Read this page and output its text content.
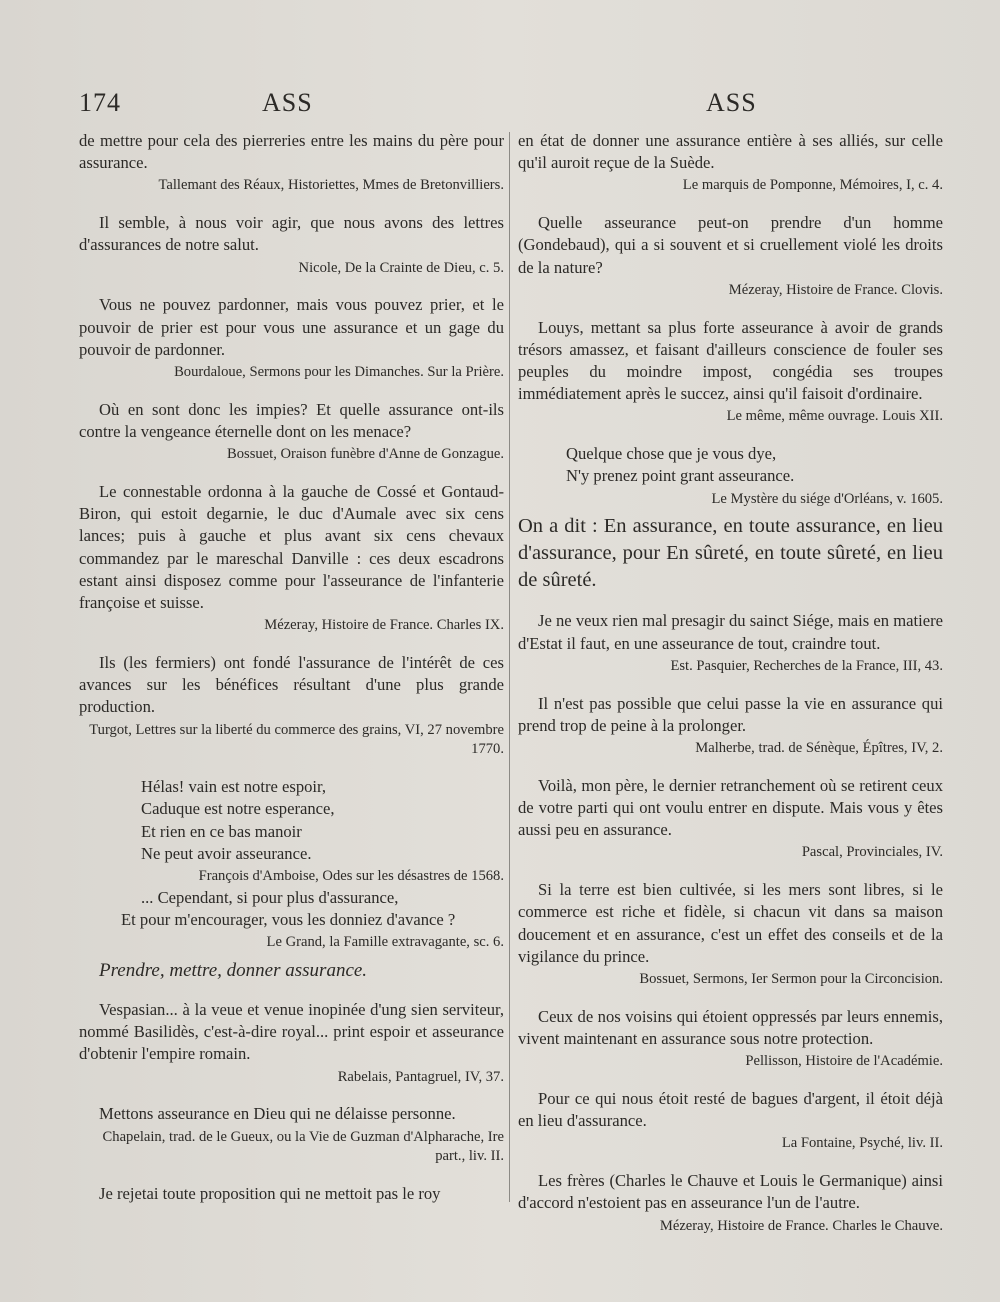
174	ASS	ASS

de mettre pour cela des pierreries entre les mains du père pour assurance.

Tallemant des Réaux, Historiettes, Mmes de Bretonvilliers.

Il semble, à nous voir agir, que nous avons des lettres d'assurances de notre salut.

Nicole, De la Crainte de Dieu, c. 5.

Vous ne pouvez pardonner, mais vous pouvez prier, et le pouvoir de prier est pour vous une assurance et un gage du pouvoir de pardonner.

Bourdaloue, Sermons pour les Dimanches. Sur la Prière.

Où en sont donc les impies? Et quelle assurance ont-ils contre la vengeance éternelle dont on les menace?

Bossuet, Oraison funèbre d'Anne de Gonzague.

Le connestable ordonna à la gauche de Cossé et Gontaud-Biron, qui estoit degarnie, le duc d'Aumale avec six cens lances; puis à gauche et plus avant six cens chevaux commandez par le mareschal Danville : ces deux escadrons estant ainsi disposez comme pour l'asseurance de l'infanterie françoise et suisse.

Mézeray, Histoire de France. Charles IX.

Ils (les fermiers) ont fondé l'assurance de l'intérêt de ces avances sur les bénéfices résultant d'une plus grande production.

Turgot, Lettres sur la liberté du commerce des grains, VI, 27 novembre 1770.

Hélas! vain est notre espoir,
Caduque est notre esperance,
Et rien en ce bas manoir
Ne peut avoir asseurance.

François d'Amboise, Odes sur les désastres de 1568.

... Cependant, si pour plus d'assurance,
Et pour m'encourager, vous les donniez d'avance ?

Le Grand, la Famille extravagante, sc. 6.

Prendre, mettre, donner assurance.

Vespasian... à la veue et venue inopinée d'ung sien serviteur, nommé Basilidès, c'est-à-dire royal... print espoir et asseurance d'obtenir l'empire romain.

Rabelais, Pantagruel, IV, 37.

Mettons asseurance en Dieu qui ne délaisse personne.

Chapelain, trad. de le Gueux, ou la Vie de Guzman d'Alpharache, Ire part., liv. II.

Je rejetai toute proposition qui ne mettoit pas le roy

en état de donner une assurance entière à ses alliés, sur celle qu'il auroit reçue de la Suède.

Le marquis de Pomponne, Mémoires, I, c. 4.

Quelle asseurance peut-on prendre d'un homme (Gondebaud), qui a si souvent et si cruellement violé les droits de la nature?

Mézeray, Histoire de France. Clovis.

Louys, mettant sa plus forte asseurance à avoir de grands trésors amassez, et faisant d'ailleurs conscience de fouler ses peuples du moindre impost, congédia ses troupes immédiatement après le succez, ainsi qu'il faisoit d'ordinaire.

Le même, même ouvrage. Louis XII.

Quelque chose que je vous dye,
N'y prenez point grant asseurance.

Le Mystère du siége d'Orléans, v. 1605.

On a dit : En assurance, en toute assurance, en lieu d'assurance, pour En sûreté, en toute sûreté, en lieu de sûreté.

Je ne veux rien mal presagir du sainct Siége, mais en matiere d'Estat il faut, en une asseurance de tout, craindre tout.

Est. Pasquier, Recherches de la France, III, 43.

Il n'est pas possible que celui passe la vie en assurance qui prend trop de peine à la prolonger.

Malherbe, trad. de Sénèque, Épîtres, IV, 2.

Voilà, mon père, le dernier retranchement où se retirent ceux de votre parti qui ont voulu entrer en dispute. Mais vous y êtes aussi peu en assurance.

Pascal, Provinciales, IV.

Si la terre est bien cultivée, si les mers sont libres, si le commerce est riche et fidèle, si chacun vit dans sa maison doucement et en assurance, c'est un effet des conseils et de la vigilance du prince.

Bossuet, Sermons, Ier Sermon pour la Circoncision.

Ceux de nos voisins qui étoient oppressés par leurs ennemis, vivent maintenant en assurance sous notre protection.

Pellisson, Histoire de l'Académie.

Pour ce qui nous étoit resté de bagues d'argent, il étoit déjà en lieu d'assurance.

La Fontaine, Psyché, liv. II.

Les frères (Charles le Chauve et Louis le Germanique) ainsi d'accord n'estoient pas en asseurance l'un de l'autre.

Mézeray, Histoire de France. Charles le Chauve.
